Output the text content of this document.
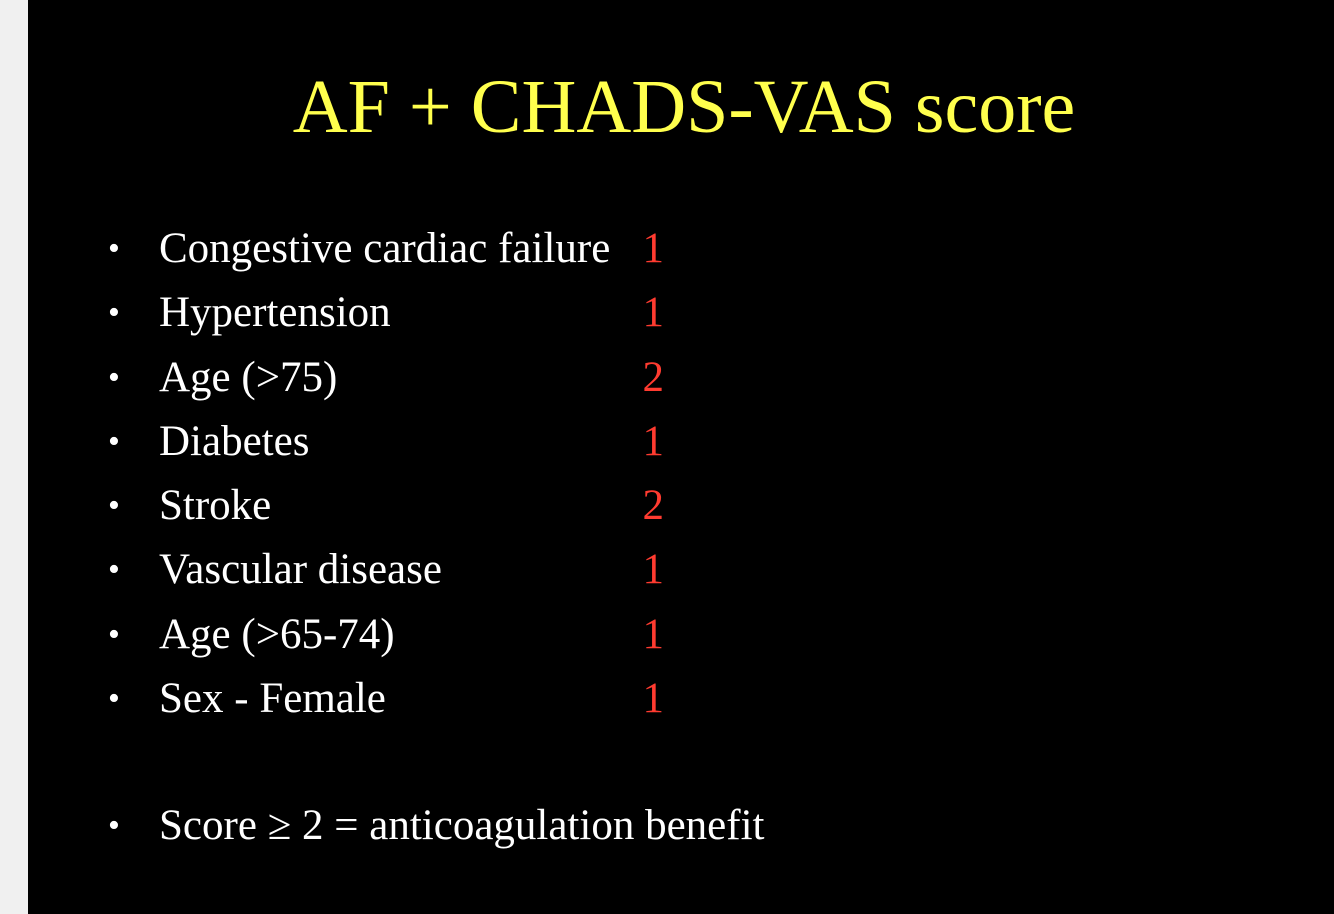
AF + CHADS-VAS score
• Congestive cardiac failure 1
• Hypertension	1
• Age (>75)	2
• Diabetes	1
• Stroke	2
• Vascular disease	1
• Age (>65-74)	1
• Sex - Female	1
• Score ≥ 2 = anticoagulation benefit
